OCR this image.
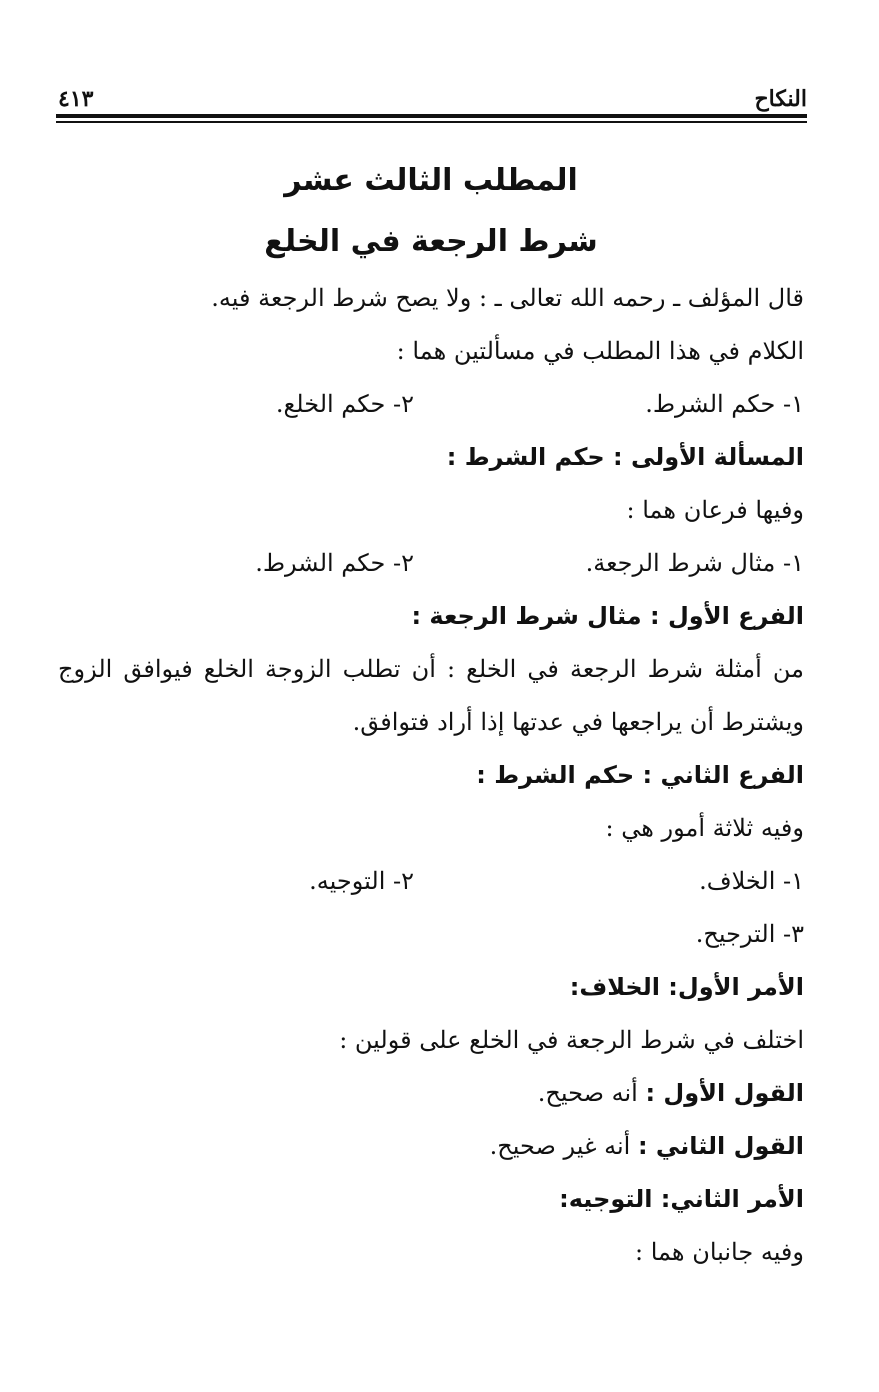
النكاح
٤١٣
المطلب الثالث عشر
شرط الرجعة في الخلع

قال المؤلف ـ رحمه الله تعالى ـ : ولا يصح شرط الرجعة فيه.

الكلام في هذا المطلب في مسألتين هما :

١- حكم الشرط.
٢- حكم الخلع.

المسألة الأولى : حكم الشرط :

وفيها فرعان هما :

١- مثال شرط الرجعة.
٢- حكم الشرط.

الفرع الأول : مثال شرط الرجعة :

من أمثلة شرط الرجعة في الخلع : أن تطلب الزوجة الخلع فيوافق الزوج

ويشترط أن يراجعها في عدتها إذا أراد فتوافق.

الفرع الثاني : حكم الشرط :

وفيه ثلاثة أمور هي :

١- الخلاف.
٢- التوجيه.

٣- الترجيح.

الأمر الأول: الخلاف:

اختلف في شرط الرجعة في الخلع على قولين :

القول الأول : أنه صحيح.

القول الثاني : أنه غير صحيح.

الأمر الثاني: التوجيه:

وفيه جانبان هما :
